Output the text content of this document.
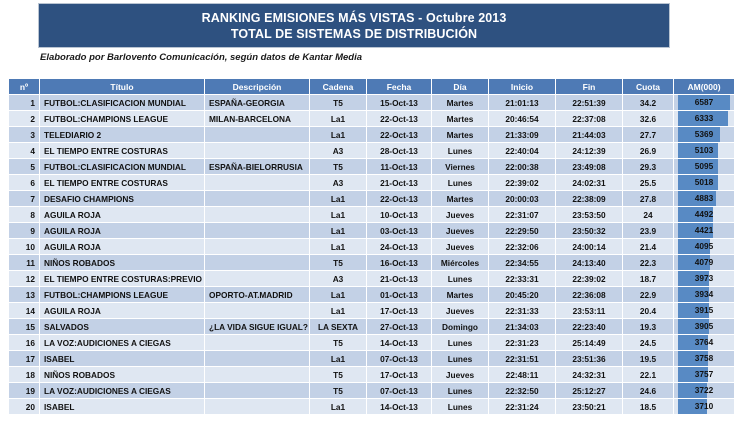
RANKING EMISIONES MÁS VISTAS - Octubre 2013
TOTAL DE SISTEMAS DE DISTRIBUCIÓN
Elaborado por Barlovento Comunicación, según datos de Kantar Media
nº	Título	Descripción	Cadena	Fecha	Día	Inicio	Fin	Cuota	AM(000)
1	FUTBOL:CLASIFICACION MUNDIAL	ESPAÑA-GEORGIA	T5	15-Oct-13	Martes	21:01:13	22:51:39	34.2	6587

2	FUTBOL:CHAMPIONS LEAGUE	MILAN-BARCELONA	La1	22-Oct-13	Martes	20:46:54	22:37:08	32.6	6333

3	TELEDIARIO 2		La1	22-Oct-13	Martes	21:33:09	21:44:03	27.7	5369

4	EL TIEMPO ENTRE COSTURAS		A3	28-Oct-13	Lunes	22:40:04	24:12:39	26.9	5103

5	FUTBOL:CLASIFICACION MUNDIAL	ESPAÑA-BIELORRUSIA	T5	11-Oct-13	Viernes	22:00:38	23:49:08	29.3	5095

6	EL TIEMPO ENTRE COSTURAS		A3	21-Oct-13	Lunes	22:39:02	24:02:31	25.5	5018

7	DESAFIO CHAMPIONS		La1	22-Oct-13	Martes	20:00:03	22:38:09	27.8	4883

8	AGUILA ROJA		La1	10-Oct-13	Jueves	22:31:07	23:53:50	24	4492

9	AGUILA ROJA		La1	03-Oct-13	Jueves	22:29:50	23:50:32	23.9	4421

10	AGUILA ROJA		La1	24-Oct-13	Jueves	22:32:06	24:00:14	21.4	4095

11	NIÑOS ROBADOS		T5	16-Oct-13	Miércoles	22:34:55	24:13:40	22.3	4079

12	EL TIEMPO ENTRE COSTURAS:PREVIO		A3	21-Oct-13	Lunes	22:33:31	22:39:02	18.7	3973

13	FUTBOL:CHAMPIONS LEAGUE	OPORTO-AT.MADRID	La1	01-Oct-13	Martes	20:45:20	22:36:08	22.9	3934

14	AGUILA ROJA		La1	17-Oct-13	Jueves	22:31:33	23:53:11	20.4	3915

15	SALVADOS	¿LA VIDA SIGUE IGUAL?	LA SEXTA	27-Oct-13	Domingo	21:34:03	22:23:40	19.3	3905

16	LA VOZ:AUDICIONES A CIEGAS		T5	14-Oct-13	Lunes	22:31:23	25:14:49	24.5	3764

17	ISABEL		La1	07-Oct-13	Lunes	22:31:51	23:51:36	19.5	3758

18	NIÑOS ROBADOS		T5	17-Oct-13	Jueves	22:48:11	24:32:31	22.1	3757

19	LA VOZ:AUDICIONES A CIEGAS		T5	07-Oct-13	Lunes	22:32:50	25:12:27	24.6	3722

20	ISABEL		La1	14-Oct-13	Lunes	22:31:24	23:50:21	18.5	3710
